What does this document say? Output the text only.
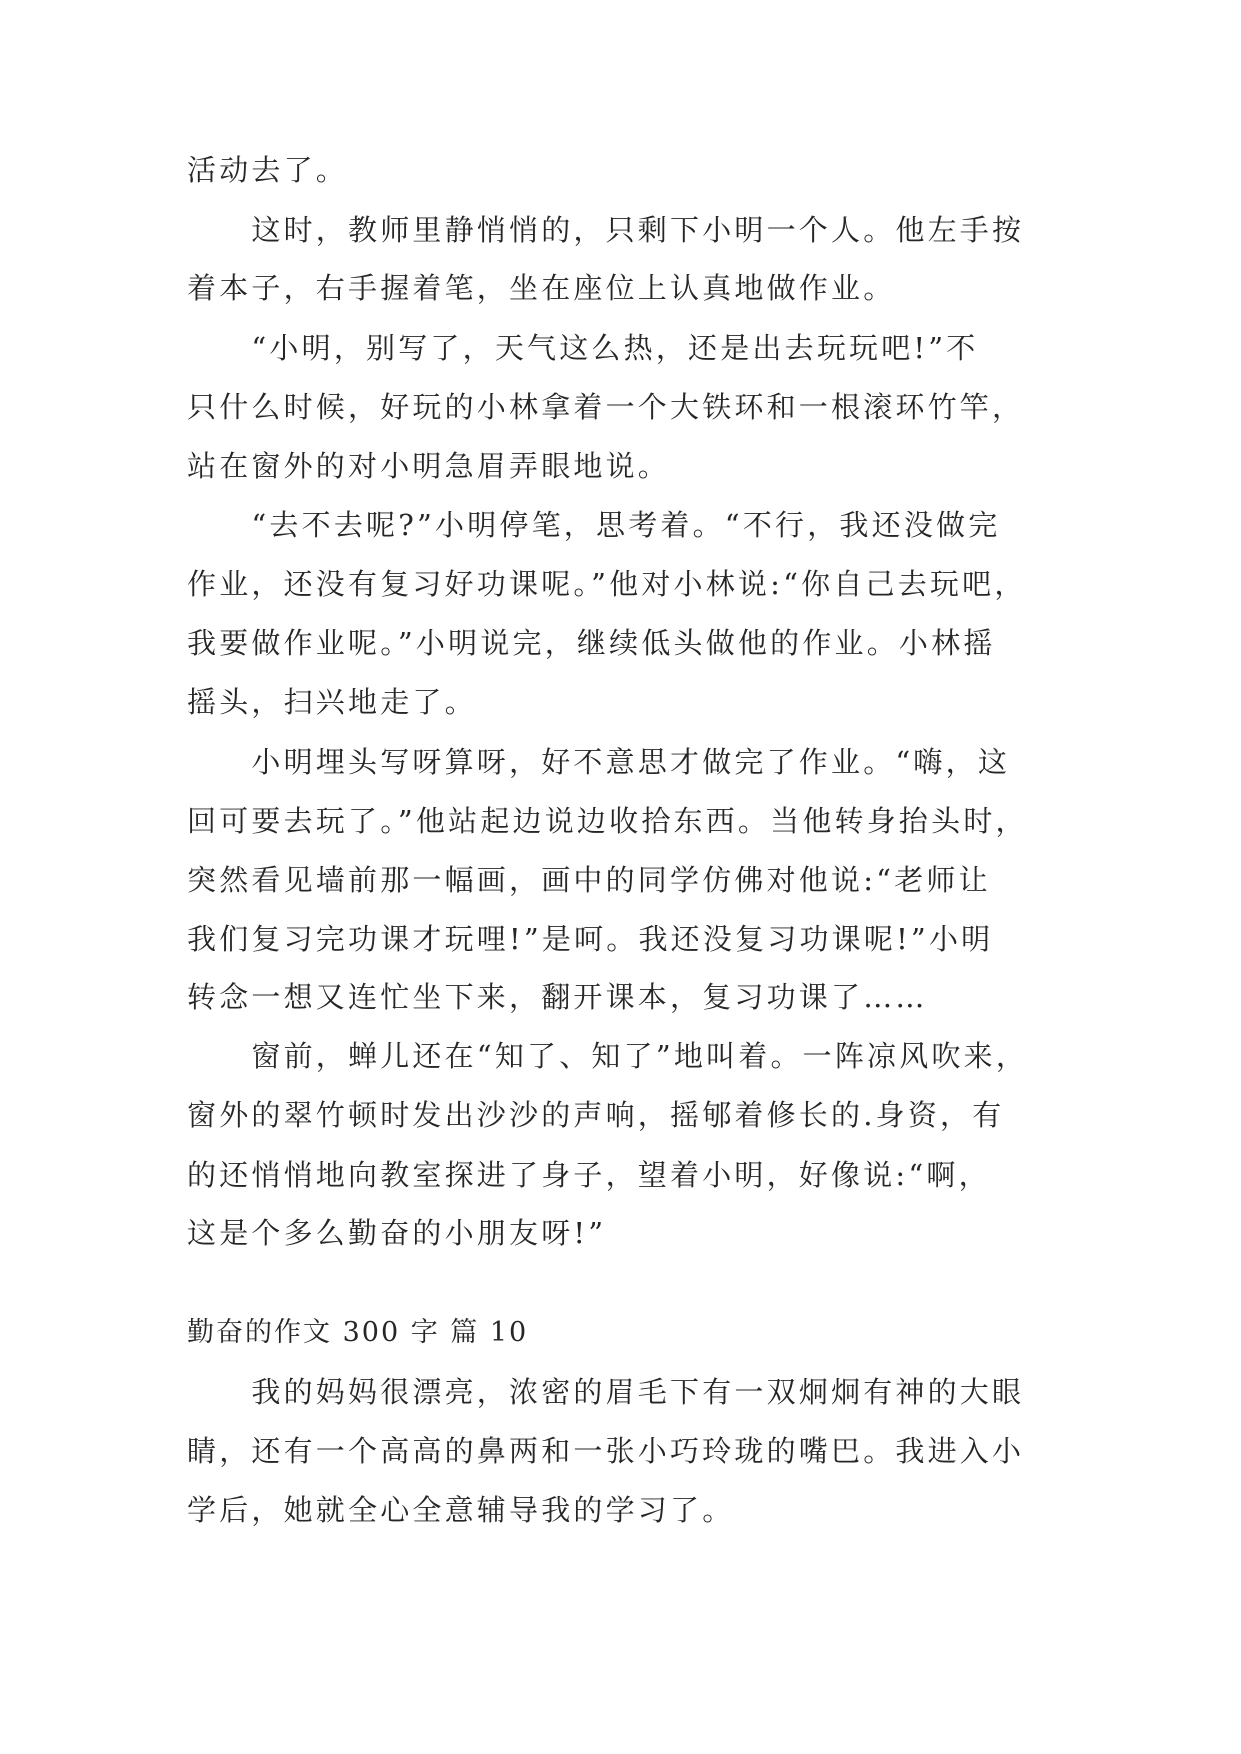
活动去了。
　　这时，教师里静悄悄的，只剩下小明一个人。他左手按
着本子，右手握着笔，坐在座位上认真地做作业。
　　“小明，别写了，天气这么热，还是出去玩玩吧!”不
只什么时候，好玩的小林拿着一个大铁环和一根滚环竹竿，
站在窗外的对小明急眉弄眼地说。
　　“去不去呢?”小明停笔，思考着。“不行，我还没做完
作业，还没有复习好功课呢。”他对小林说:“你自己去玩吧，
我要做作业呢。”小明说完，继续低头做他的作业。小林摇
摇头，扫兴地走了。
　　小明埋头写呀算呀，好不意思才做完了作业。“嗨，这
回可要去玩了。”他站起边说边收拾东西。当他转身抬头时，
突然看见墙前那一幅画，画中的同学仿佛对他说:“老师让
我们复习完功课才玩哩!”是呵。我还没复习功课呢!”小明
转念一想又连忙坐下来，翻开课本，复习功课了……
　　窗前，蝉儿还在“知了、知了”地叫着。一阵凉风吹来，
窗外的翠竹顿时发出沙沙的声响，摇郇着修长的.身资，有
的还悄悄地向教室探进了身子，望着小明，好像说:“啊，
这是个多么勤奋的小朋友呀!”
勤奋的作文 300 字 篇 10
　　我的妈妈很漂亮，浓密的眉毛下有一双炯炯有神的大眼
睛，还有一个高高的鼻两和一张小巧玲珑的嘴巴。我进入小
学后，她就全心全意辅导我的学习了。
